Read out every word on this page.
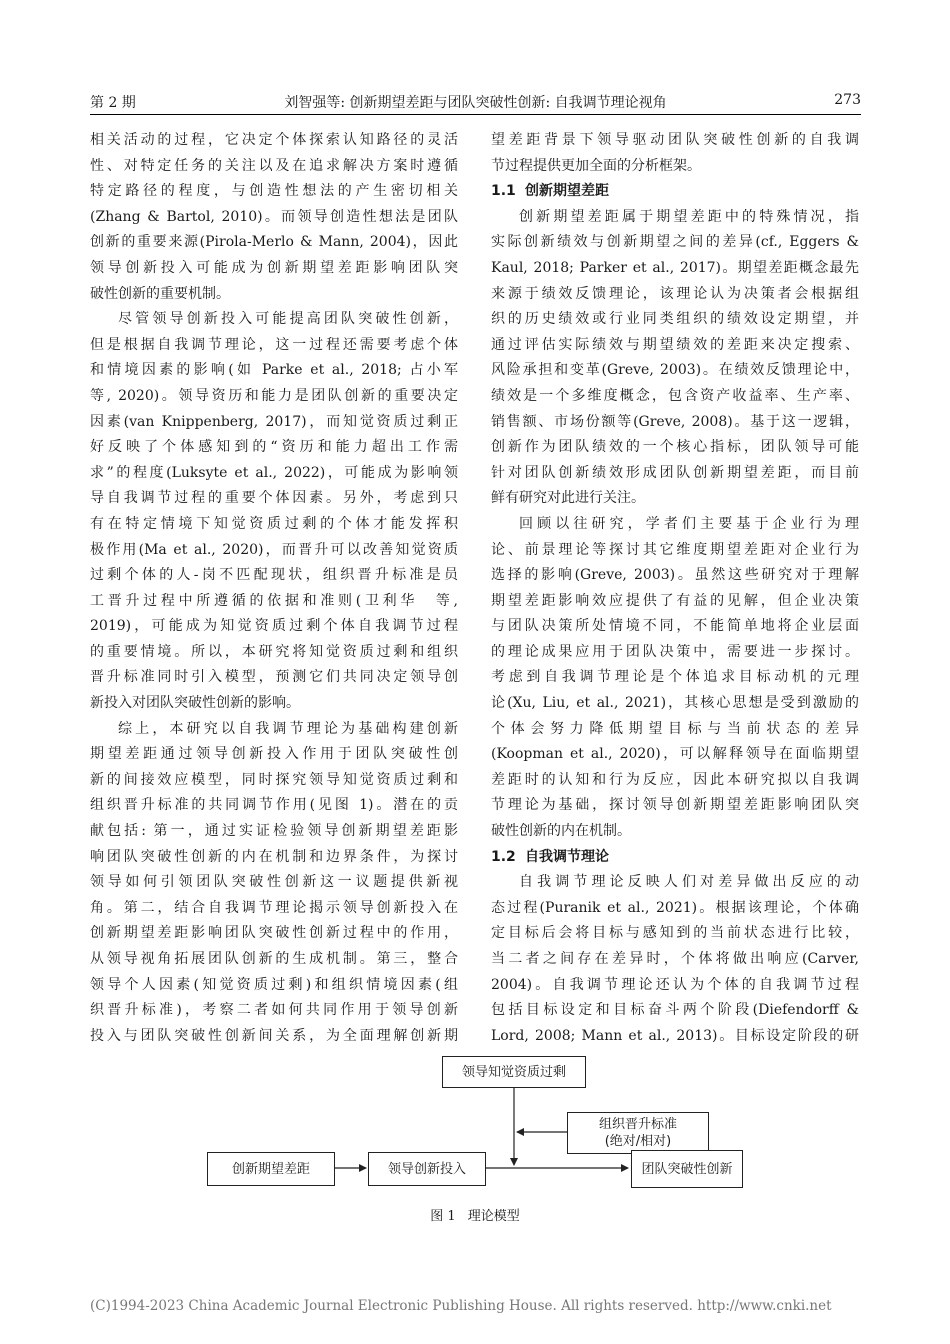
第 2 期	刘智强等: 创新期望差距与团队突破性创新: 自我调节理论视角	273
相关活动的过程，它决定个体探索认知路径的灵活
性、对特定任务的关注以及在追求解决方案时遵循
特定路径的程度，与创造性想法的产生密切相关
(Zhang & Bartol, 2010)。而领导创造性想法是团队
创新的重要来源(Pirola-Merlo & Mann, 2004)，因此
领导创新投入可能成为创新期望差距影响团队突
破性创新的重要机制。
尽管领导创新投入可能提高团队突破性创新，
但是根据自我调节理论，这一过程还需要考虑个体
和情境因素的影响(如 Parke et al., 2018; 占小军
等, 2020)。领导资历和能力是团队创新的重要决定
因素(van Knippenberg, 2017)，而知觉资质过剩正
好反映了个体感知到的“资历和能力超出工作需
求”的程度(Luksyte et al., 2022)，可能成为影响领
导自我调节过程的重要个体因素。另外，考虑到只
有在特定情境下知觉资质过剩的个体才能发挥积
极作用(Ma et al., 2020)，而晋升可以改善知觉资质
过剩个体的人-岗不匹配现状，组织晋升标准是员
工晋升过程中所遵循的依据和准则(卫利华　等,
2019)，可能成为知觉资质过剩个体自我调节过程
的重要情境。所以，本研究将知觉资质过剩和组织
晋升标准同时引入模型，预测它们共同决定领导创
新投入对团队突破性创新的影响。
综上，本研究以自我调节理论为基础构建创新
期望差距通过领导创新投入作用于团队突破性创
新的间接效应模型，同时探究领导知觉资质过剩和
组织晋升标准的共同调节作用(见图 1)。潜在的贡
献包括: 第一，通过实证检验领导创新期望差距影
响团队突破性创新的内在机制和边界条件，为探讨
领导如何引领团队突破性创新这一议题提供新视
角。第二，结合自我调节理论揭示领导创新投入在
创新期望差距影响团队突破性创新过程中的作用，
从领导视角拓展团队创新的生成机制。第三，整合
领导个人因素(知觉资质过剩)和组织情境因素(组
织晋升标准)，考察二者如何共同作用于领导创新
投入与团队突破性创新间关系，为全面理解创新期
望差距背景下领导驱动团队突破性创新的自我调
节过程提供更加全面的分析框架。
1.1 创新期望差距
创新期望差距属于期望差距中的特殊情况，指
实际创新绩效与创新期望之间的差异(cf., Eggers &
Kaul, 2018; Parker et al., 2017)。期望差距概念最先
来源于绩效反馈理论，该理论认为决策者会根据组
织的历史绩效或行业同类组织的绩效设定期望，并
通过评估实际绩效与期望绩效的差距来决定搜索、
风险承担和变革(Greve, 2003)。在绩效反馈理论中，
绩效是一个多维度概念，包含资产收益率、生产率、
销售额、市场份额等(Greve, 2008)。基于这一逻辑，
创新作为团队绩效的一个核心指标，团队领导可能
针对团队创新绩效形成团队创新期望差距，而目前
鲜有研究对此进行关注。
回顾以往研究，学者们主要基于企业行为理
论、前景理论等探讨其它维度期望差距对企业行为
选择的影响(Greve, 2003)。虽然这些研究对于理解
期望差距影响效应提供了有益的见解，但企业决策
与团队决策所处情境不同，不能简单地将企业层面
的理论成果应用于团队决策中，需要进一步探讨。
考虑到自我调节理论是个体追求目标动机的元理
论(Xu, Liu, et al., 2021)，其核心思想是受到激励的
个体会努力降低期望目标与当前状态的差异
(Koopman et al., 2020)，可以解释领导在面临期望
差距时的认知和行为反应，因此本研究拟以自我调
节理论为基础，探讨领导创新期望差距影响团队突
破性创新的内在机制。
1.2 自我调节理论
自我调节理论反映人们对差异做出反应的动
态过程(Puranik et al., 2021)。根据该理论，个体确
定目标后会将目标与感知到的当前状态进行比较，
当二者之间存在差异时，个体将做出响应(Carver,
2004)。自我调节理论还认为个体的自我调节过程
包括目标设定和目标奋斗两个阶段(Diefendorff &
Lord, 2008; Mann et al., 2013)。目标设定阶段的研
领导知觉资质过剩
组织晋升标准
(绝对/相对)
创新期望差距	领导创新投入	团队突破性创新
图 1 理论模型
(C)1994-2023 China Academic Journal Electronic Publishing House. All rights reserved. http://www.cnki.net
